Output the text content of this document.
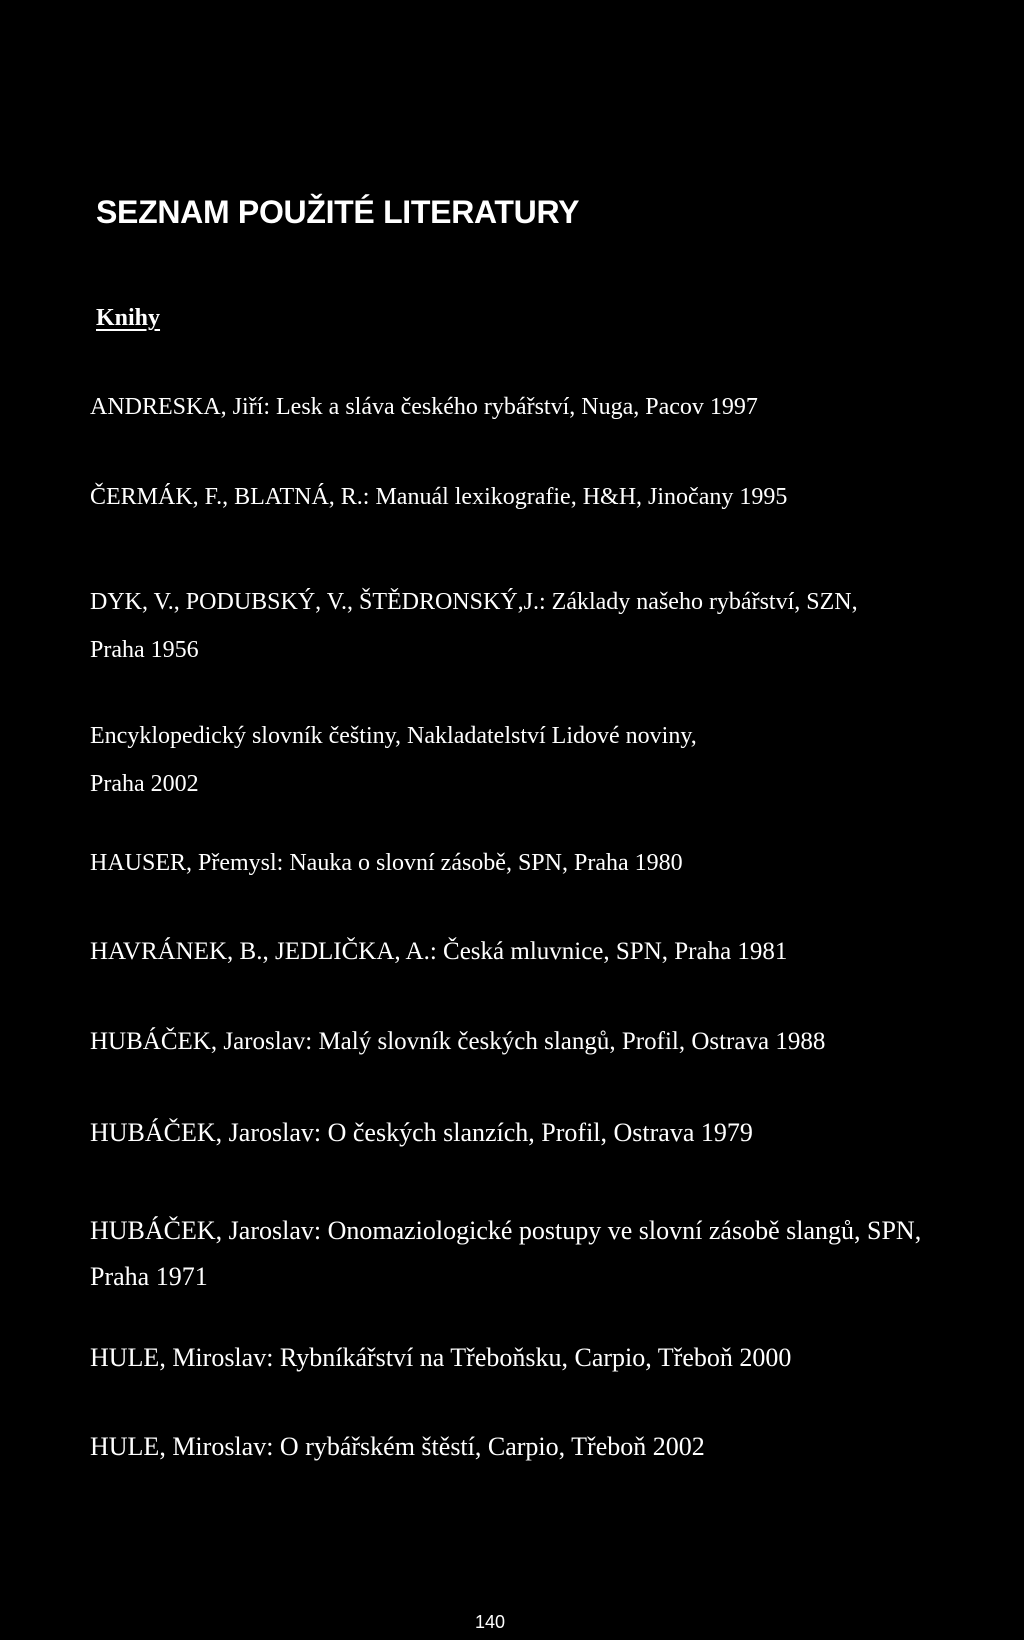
SEZNAM POUŽITÉ LITERATURY
Knihy

ANDRESKA, Jiří: Lesk a sláva českého rybářství, Nuga, Pacov 1997

ČERMÁK, F., BLATNÁ, R.: Manuál lexikografie, H&H, Jinočany 1995

DYK, V., PODUBSKÝ, V., ŠTĚDRONSKÝ,J.: Základy našeho rybářství, SZN,
Praha 1956

Encyklopedický slovník češtiny, Nakladatelství Lidové noviny,
Praha 2002

HAUSER, Přemysl: Nauka o slovní zásobě, SPN, Praha 1980

HAVRÁNEK, B., JEDLIČKA, A.: Česká mluvnice, SPN, Praha 1981

HUBÁČEK, Jaroslav: Malý slovník českých slangů, Profil, Ostrava 1988

HUBÁČEK, Jaroslav: O českých slanzích, Profil, Ostrava 1979

HUBÁČEK, Jaroslav: Onomaziologické postupy ve slovní zásobě slangů, SPN,
Praha 1971

HULE, Miroslav: Rybníkářství na Třeboňsku, Carpio, Třeboň 2000

HULE, Miroslav: O rybářském štěstí, Carpio, Třeboň 2002

140
